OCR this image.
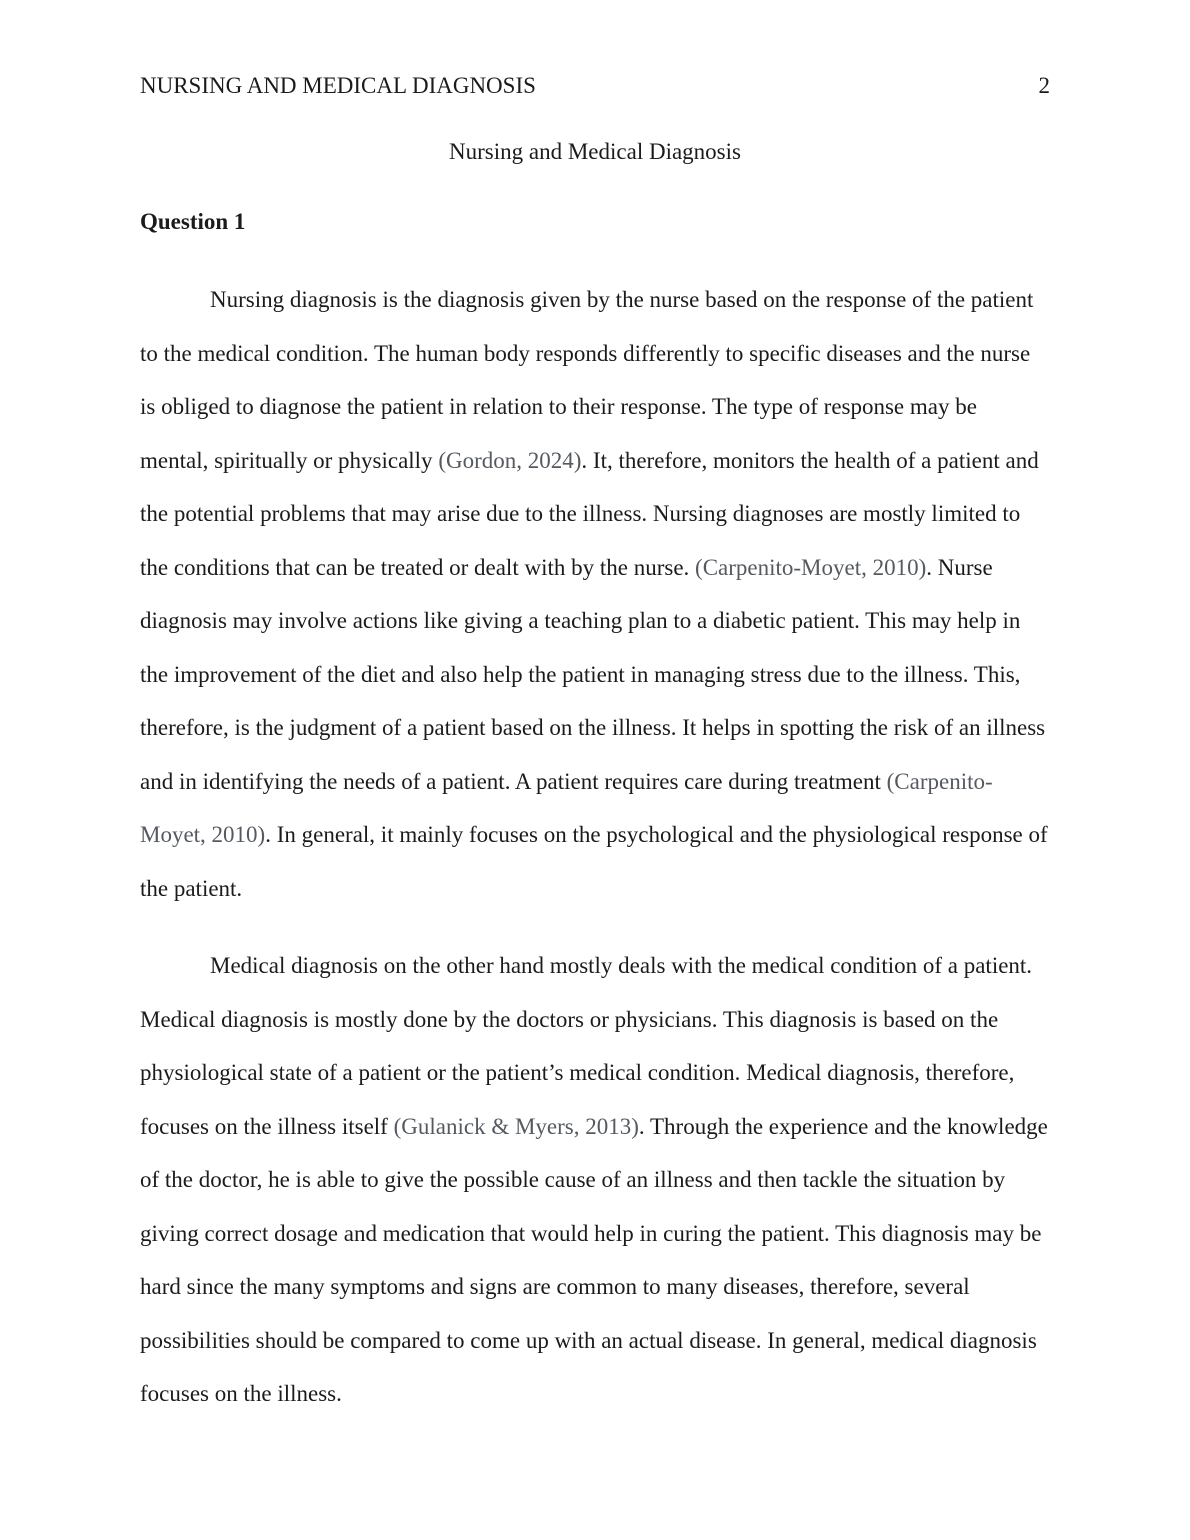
NURSING AND MEDICAL DIAGNOSIS	2
Nursing and Medical Diagnosis
Question 1

Nursing diagnosis is the diagnosis given by the nurse based on the response of the patient to the medical condition. The human body responds differently to specific diseases and the nurse is obliged to diagnose the patient in relation to their response. The type of response may be mental, spiritually or physically (Gordon, 2024). It, therefore, monitors the health of a patient and the potential problems that may arise due to the illness. Nursing diagnoses are mostly limited to the conditions that can be treated or dealt with by the nurse. (Carpenito-Moyet, 2010). Nurse diagnosis may involve actions like giving a teaching plan to a diabetic patient. This may help in the improvement of the diet and also help the patient in managing stress due to the illness. This, therefore, is the judgment of a patient based on the illness. It helps in spotting the risk of an illness and in identifying the needs of a patient. A patient requires care during treatment (Carpenito-Moyet, 2010). In general, it mainly focuses on the psychological and the physiological response of the patient.

Medical diagnosis on the other hand mostly deals with the medical condition of a patient. Medical diagnosis is mostly done by the doctors or physicians. This diagnosis is based on the physiological state of a patient or the patient’s medical condition. Medical diagnosis, therefore, focuses on the illness itself (Gulanick & Myers, 2013). Through the experience and the knowledge of the doctor, he is able to give the possible cause of an illness and then tackle the situation by giving correct dosage and medication that would help in curing the patient. This diagnosis may be hard since the many symptoms and signs are common to many diseases, therefore, several possibilities should be compared to come up with an actual disease. In general, medical diagnosis focuses on the illness.
